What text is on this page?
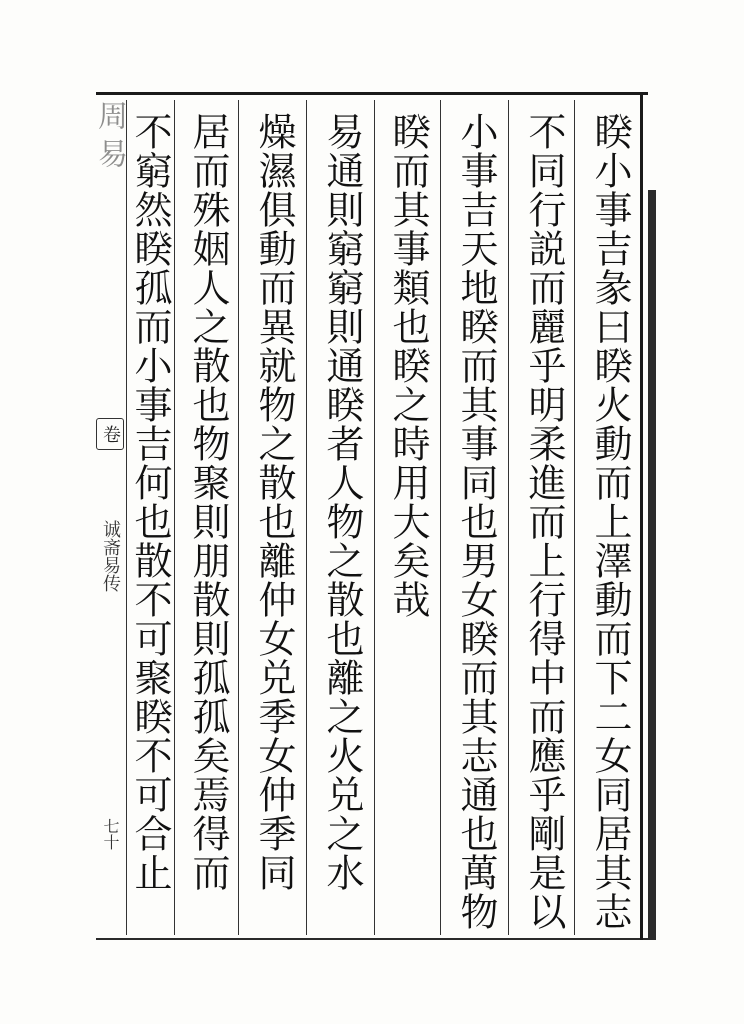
周易
卷
诚斋易传
七十	睽小事吉彖曰睽火動而上澤動而下二女同居其志
不同行説而麗乎明柔進而上行得中而應乎剛是以
小事吉天地睽而其事同也男女睽而其志通也萬物
睽而其事類也睽之時用大矣哉
易通則窮窮則通睽者人物之散也離之火兑之水
燥濕俱動而異就物之散也離仲女兑季女仲季同
居而殊姻人之散也物聚則朋散則孤孤矣焉得而
不窮然睽孤而小事吉何也散不可聚睽不可合止
